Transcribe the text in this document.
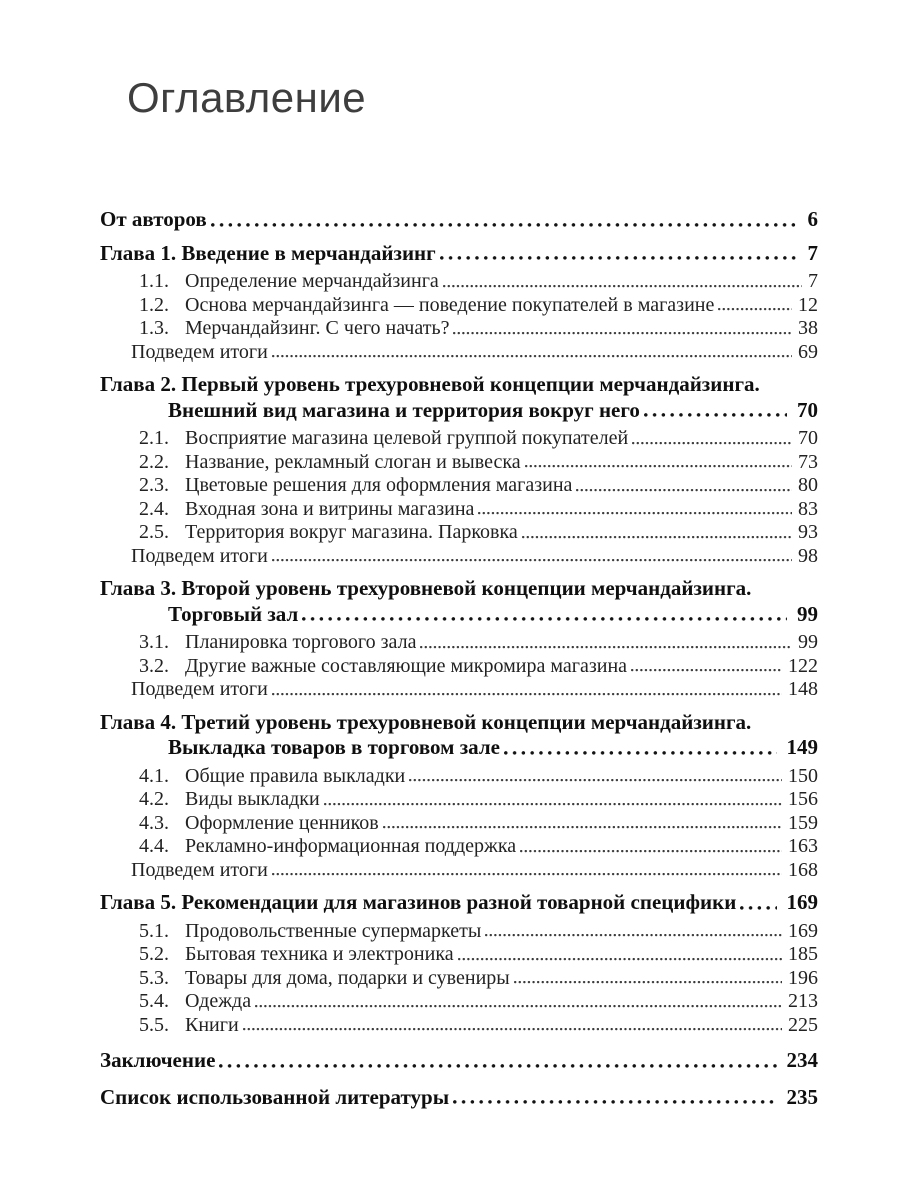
Оглавление
От авторов	6
Глава 1. Введение в мерчандайзинг	7
1.1. Определение мерчандайзинга	7
1.2. Основа мерчандайзинга — поведение покупателей в магазине	12
1.3. Мерчандайзинг. С чего начать?	38
Подведем итоги	69
Глава 2. Первый уровень трехуровневой концепции мерчандайзинга.
Внешний вид магазина и территория вокруг него	70
2.1. Восприятие магазина целевой группой покупателей	70
2.2. Название, рекламный слоган и вывеска	73
2.3. Цветовые решения для оформления магазина	80
2.4. Входная зона и витрины магазина	83
2.5. Территория вокруг магазина. Парковка	93
Подведем итоги	98
Глава 3. Второй уровень трехуровневой концепции мерчандайзинга.
Торговый зал	99
3.1. Планировка торгового зала	99
3.2. Другие важные составляющие микромира магазина	122
Подведем итоги	148
Глава 4. Третий уровень трехуровневой концепции мерчандайзинга.
Выкладка товаров в торговом зале	149
4.1. Общие правила выкладки	150
4.2. Виды выкладки	156
4.3. Оформление ценников	159
4.4. Рекламно-информационная поддержка	163
Подведем итоги	168
Глава 5. Рекомендации для магазинов разной товарной специфики 169
5.1. Продовольственные супермаркеты	169
5.2. Бытовая техника и электроника	185
5.3. Товары для дома, подарки и сувениры	196
5.4. Одежда	213
5.5. Книги	225
Заключение	234
Список использованной литературы	235
